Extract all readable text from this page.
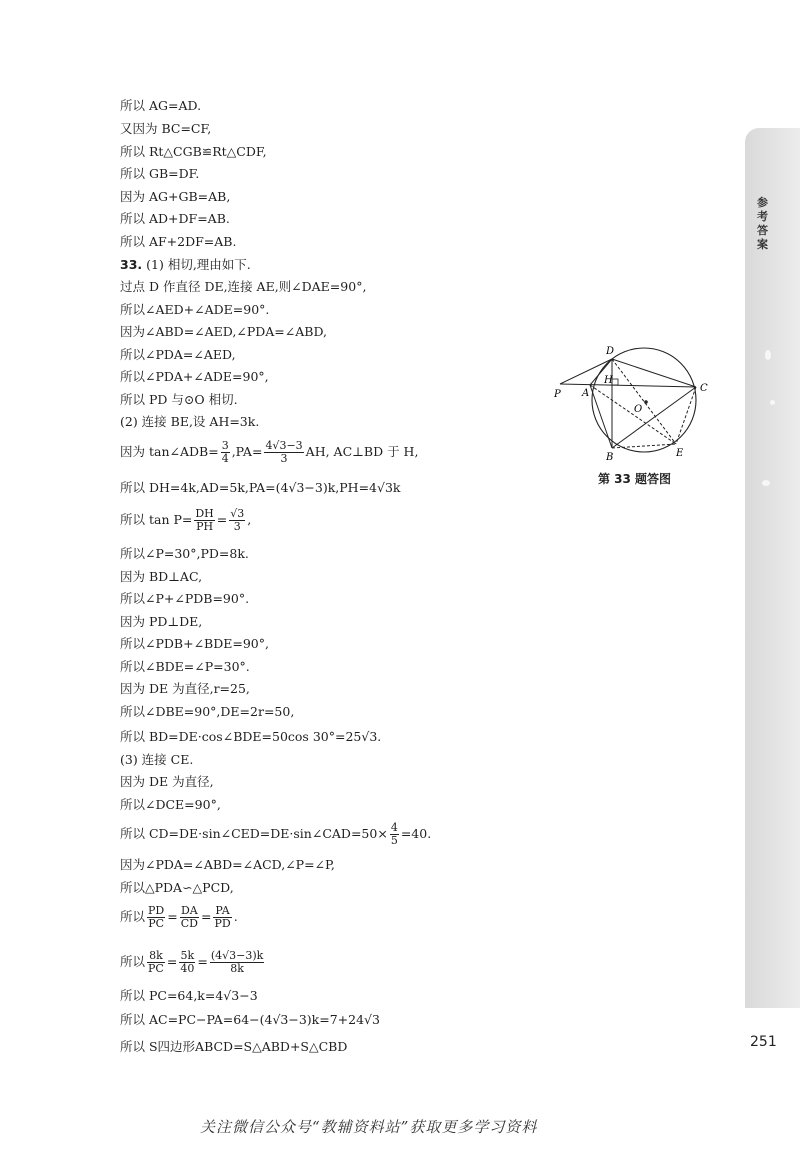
参考答案
所以 AG=AD.
又因为 BC=CF,
所以 Rt△CGB≌Rt△CDF,
所以 GB=DF.
因为 AG+GB=AB,
所以 AD+DF=AB.
所以 AF+2DF=AB.
33. (1) 相切,理由如下.
过点 D 作直径 DE,连接 AE,则∠DAE=90°,
所以∠AED+∠ADE=90°.
因为∠ABD=∠AED,∠PDA=∠ABD,
所以∠PDA=∠AED,
所以∠PDA+∠ADE=90°,
所以 PD 与⊙O 相切.
(2) 连接 BE,设 AH=3k.
因为 tan∠ADB= $\frac{3}{4} ,PA= \frac{4√3-3}{3}$ AH, AC⊥BD 于 H,
所以 DH=4k,AD=5k,PA=(4√3−3)k,PH=4√3k
所以 $\tan P= \frac{DH}{PH} = \frac{√3}{3}$ ,
所以∠P=30°,PD=8k.
因为 BD⊥AC,
所以∠P+∠PDB=90°.
因为 PD⊥DE,
所以∠PDB+∠BDE=90°,
所以∠BDE=∠P=30°.
因为 DE 为直径,r=25,
所以∠DBE=90°,DE=2r=50,
所以 BD=DE·cos∠BDE=50cos 30°=25√3.
(3) 连接 CE.
因为 DE 为直径,
所以∠DCE=90°,
所以 CD=DE·sin∠CED=DE·sin∠CAD=50× $\frac{4}{5} =40$.
因为∠PDA=∠ABD=∠ACD,∠P=∠P,
所以△PDA∽△PCD,
所以 $\frac{PD}{PC} = \frac{DA}{CD} = \frac{PA}{PD}$ .
所以 $\frac{8k}{PC} = \frac{5k}{40} = \frac{(4√3-3)k}{8k}$
所以 PC=64,k=4√3−3
所以 AC=PC−PA=64−(4√3−3)k=7+24√3
所以 S四边形ABCD=S△ABD+S△CBD
D
H
C
P A
O
B	E
第 33 题答图
251
关注微信公众号“教辅资料站”获取更多学习资料
